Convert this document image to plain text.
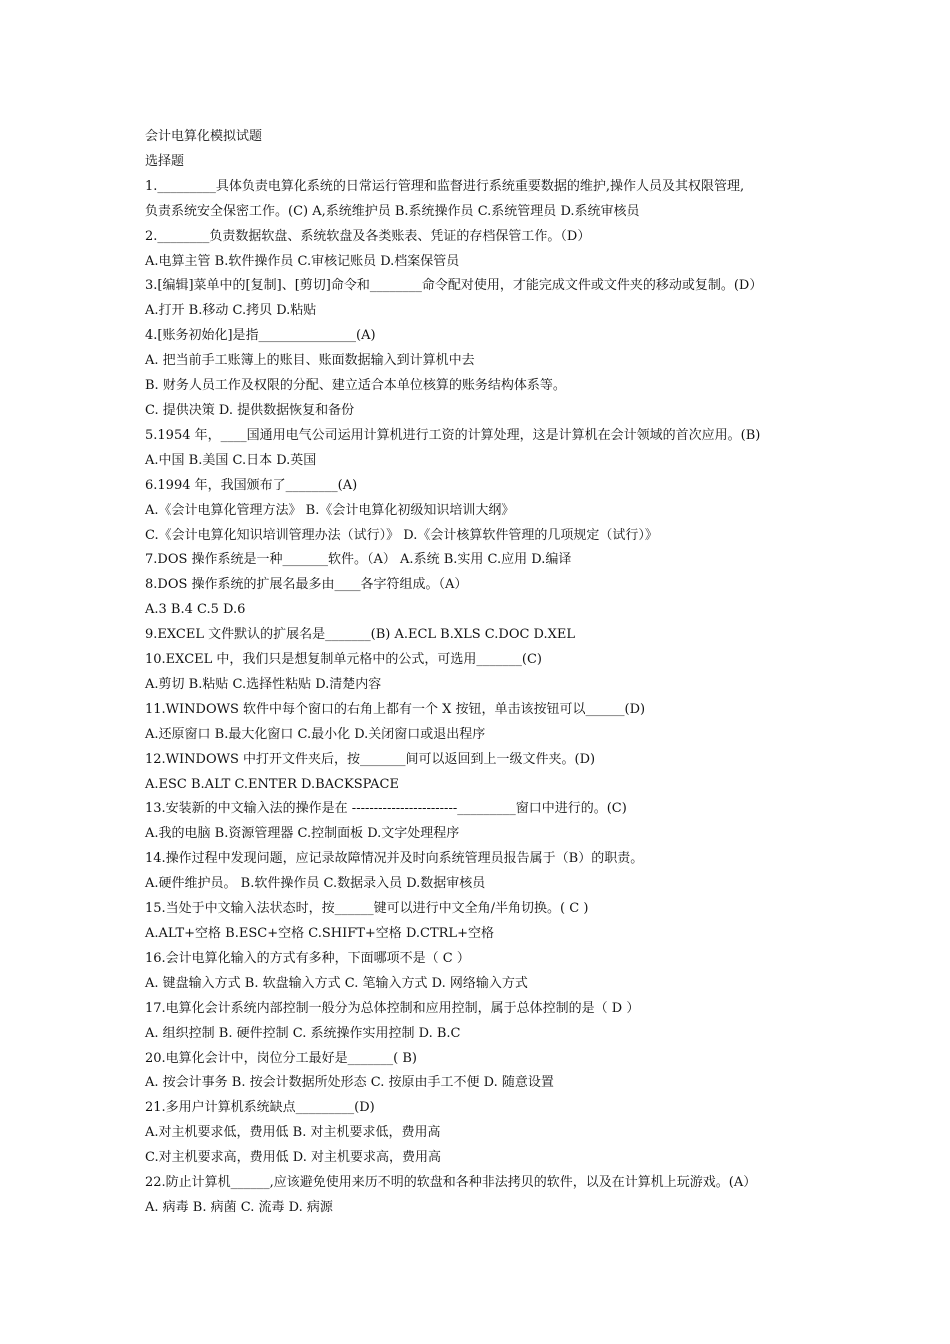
会计电算化模拟试题
选择题
1._________具体负责电算化系统的日常运行管理和监督进行系统重要数据的维护,操作人员及其权限管理,
负责系统安全保密工作。(C) A,系统维护员 B.系统操作员 C.系统管理员 D.系统审核员
2.________负责数据软盘、系统软盘及各类账表、凭证的存档保管工作。（D）
A.电算主管 B.软件操作员 C.审核记账员 D.档案保管员
3.[编辑]菜单中的[复制]、[剪切]命令和________命令配对使用，才能完成文件或文件夹的移动或复制。(D）
A.打开 B.移动 C.拷贝 D.粘贴
4.[账务初始化]是指_______________(A)
A. 把当前手工账簿上的账目、账面数据输入到计算机中去
B. 财务人员工作及权限的分配、建立适合本单位核算的账务结构体系等。
C. 提供决策 D. 提供数据恢复和备份
5.1954 年，____国通用电气公司运用计算机进行工资的计算处理，这是计算机在会计领域的首次应用。(B)
A.中国 B.美国 C.日本 D.英国
6.1994 年，我国颁布了________(A)
A.《会计电算化管理方法》 B.《会计电算化初级知识培训大纲》
C.《会计电算化知识培训管理办法（试行）》 D.《会计核算软件管理的几项规定（试行）》
7.DOS 操作系统是一种_______软件。（A） A.系统 B.实用 C.应用 D.编译
8.DOS 操作系统的扩展名最多由____各字符组成。（A）
A.3 B.4 C.5 D.6
9.EXCEL 文件默认的扩展名是_______(B) A.ECL B.XLS C.DOC D.XEL
10.EXCEL 中，我们只是想复制单元格中的公式，可选用_______(C)
A.剪切 B.粘贴 C.选择性粘贴 D.清楚内容
11.WINDOWS 软件中每个窗口的右角上都有一个 X 按钮，单击该按钮可以______(D)
A.还原窗口 B.最大化窗口 C.最小化 D.关闭窗口或退出程序
12.WINDOWS 中打开文件夹后，按_______间可以返回到上一级文件夹。(D)
A.ESC B.ALT C.ENTER D.BACKSPACE
13.安装新的中文输入法的操作是在 ------------------------_________窗口中进行的。(C)
A.我的电脑 B.资源管理器 C.控制面板 D.文字处理程序
14.操作过程中发现问题，应记录故障情况并及时向系统管理员报告属于（B）的职责。
A.硬件维护员。 B.软件操作员 C.数据录入员 D.数据审核员
15.当处于中文输入法状态时，按______键可以进行中文全角/半角切换。( C )
A.ALT+空格 B.ESC+空格 C.SHIFT+空格 D.CTRL+空格
16.会计电算化输入的方式有多种，下面哪项不是（ C ）
A. 键盘输入方式 B. 软盘输入方式 C. 笔输入方式 D. 网络输入方式
17.电算化会计系统内部控制一般分为总体控制和应用控制，属于总体控制的是（ D ）
A. 组织控制 B. 硬件控制 C. 系统操作实用控制 D. B.C
20.电算化会计中，岗位分工最好是_______( B)
A. 按会计事务 B. 按会计数据所处形态 C. 按原由手工不便 D. 随意设置
21.多用户计算机系统缺点_________(D)
A.对主机要求低，费用低 B. 对主机要求低，费用高
C.对主机要求高，费用低 D. 对主机要求高，费用高
22.防止计算机______,应该避免使用来历不明的软盘和各种非法拷贝的软件，以及在计算机上玩游戏。(A）
A. 病毒 B. 病菌 C. 流毒 D. 病源
